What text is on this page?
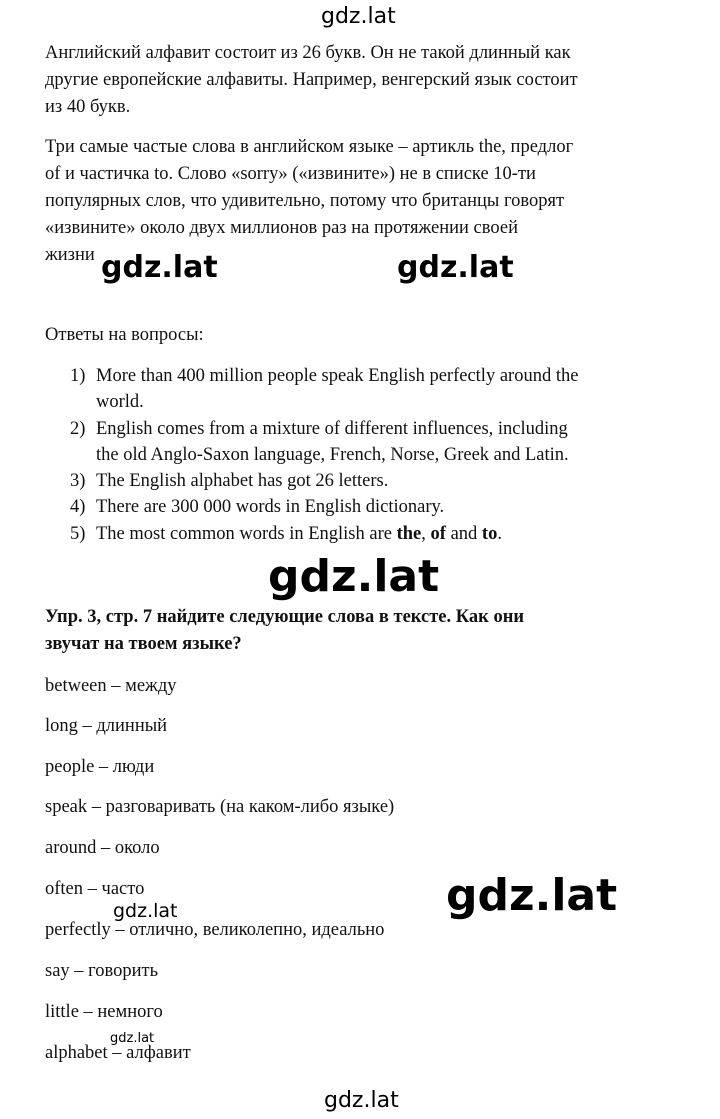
gdz.lat
gdz.lat	gdz.lat
gdz.lat
gdz.lat
gdz.lat
gdz.lat
gdz.lat

Английский алфавит состоит из 26 букв. Он не такой длинный как
другие европейские алфавиты. Например, венгерский язык состоит
из 40 букв.

Три самые частые слова в английском языке – артикль the, предлог
of и частичка to. Слово «sorry» («извините») не в списке 10-ти
популярных слов, что удивительно, потому что британцы говорят
«извините» около двух миллионов раз на протяжении своей
жизни

Ответы на вопросы:

1) More than 400 million people speak English perfectly around the
world.
2) English comes from a mixture of different influences, including
the old Anglo-Saxon language, French, Norse, Greek and Latin.
3) The English alphabet has got 26 letters.
4) There are 300 000 words in English dictionary.
5) The most common words in English are the, of and to.

Упр. 3, стр. 7 найдите следующие слова в тексте. Как они
звучат на твоем языке?

between – между

long – длинный

people – люди

speak – разговаривать (на каком-либо языке)

around – около

often – часто

perfectly – отлично, великолепно, идеально

say – говорить

little – немного

alphabet – алфавит
